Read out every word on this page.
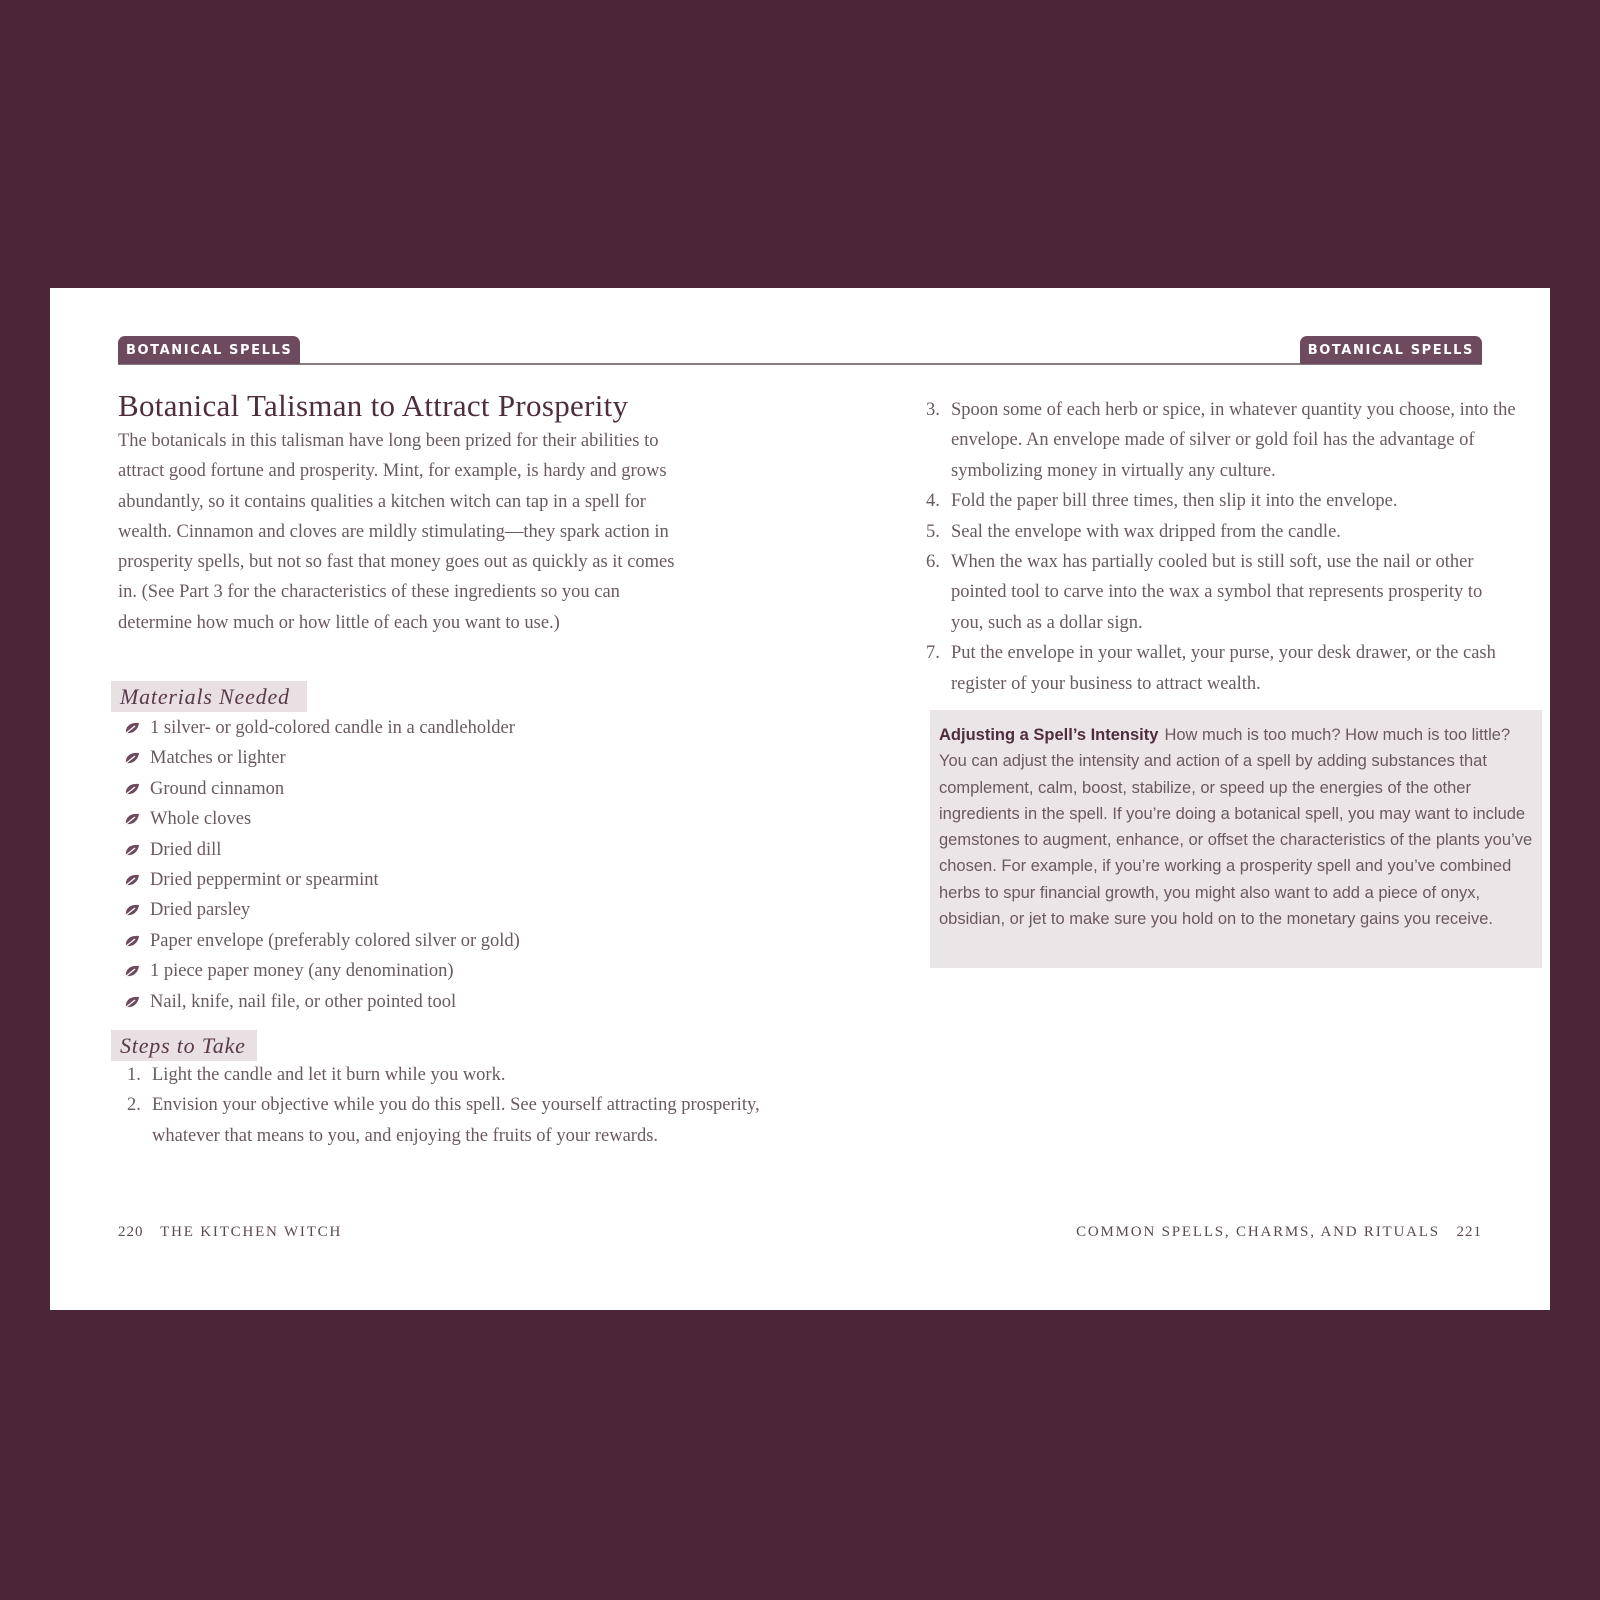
BOTANICAL SPELLS
Botanical Talisman to Attract Prosperity

The botanicals in this talisman have long been prized for their abilities to attract good fortune and prosperity. Mint, for example, is hardy and grows abundantly, so it contains qualities a kitchen witch can tap in a spell for wealth. Cinnamon and cloves are mildly stimulating—they spark action in prosperity spells, but not so fast that money goes out as quickly as it comes in. (See Part 3 for the characteristics of these ingredients so you can determine how much or how little of each you want to use.)

Materials Needed
1 silver- or gold-colored candle in a candleholder
Matches or lighter
Ground cinnamon
Whole cloves
Dried dill
Dried peppermint or spearmint
Dried parsley
Paper envelope (preferably colored silver or gold)
1 piece paper money (any denomination)
Nail, knife, nail file, or other pointed tool
Steps to Take
1. Light the candle and let it burn while you work.
2. Envision your objective while you do this spell. See yourself attracting prosperity, whatever that means to you, and enjoying the fruits of your rewards.
220 THE KITCHEN WITCH
BOTANICAL SPELLS
3. Spoon some of each herb or spice, in whatever quantity you choose, into the envelope. An envelope made of silver or gold foil has the advantage of symbolizing money in virtually any culture.
4. Fold the paper bill three times, then slip it into the envelope.
5. Seal the envelope with wax dripped from the candle.
6. When the wax has partially cooled but is still soft, use the nail or other pointed tool to carve into the wax a symbol that represents prosperity to you, such as a dollar sign.
7. Put the envelope in your wallet, your purse, your desk drawer, or the cash register of your business to attract wealth.
Adjusting a Spell’s Intensity How much is too much? How much is too little? You can adjust the intensity and action of a spell by adding substances that complement, calm, boost, stabilize, or speed up the energies of the other ingredients in the spell. If you’re doing a botanical spell, you may want to include gemstones to augment, enhance, or offset the characteristics of the plants you’ve chosen. For example, if you’re working a prosperity spell and you’ve combined herbs to spur financial growth, you might also want to add a piece of onyx, obsidian, or jet to make sure you hold on to the monetary gains you receive.
COMMON SPELLS, CHARMS, AND RITUALS 221
